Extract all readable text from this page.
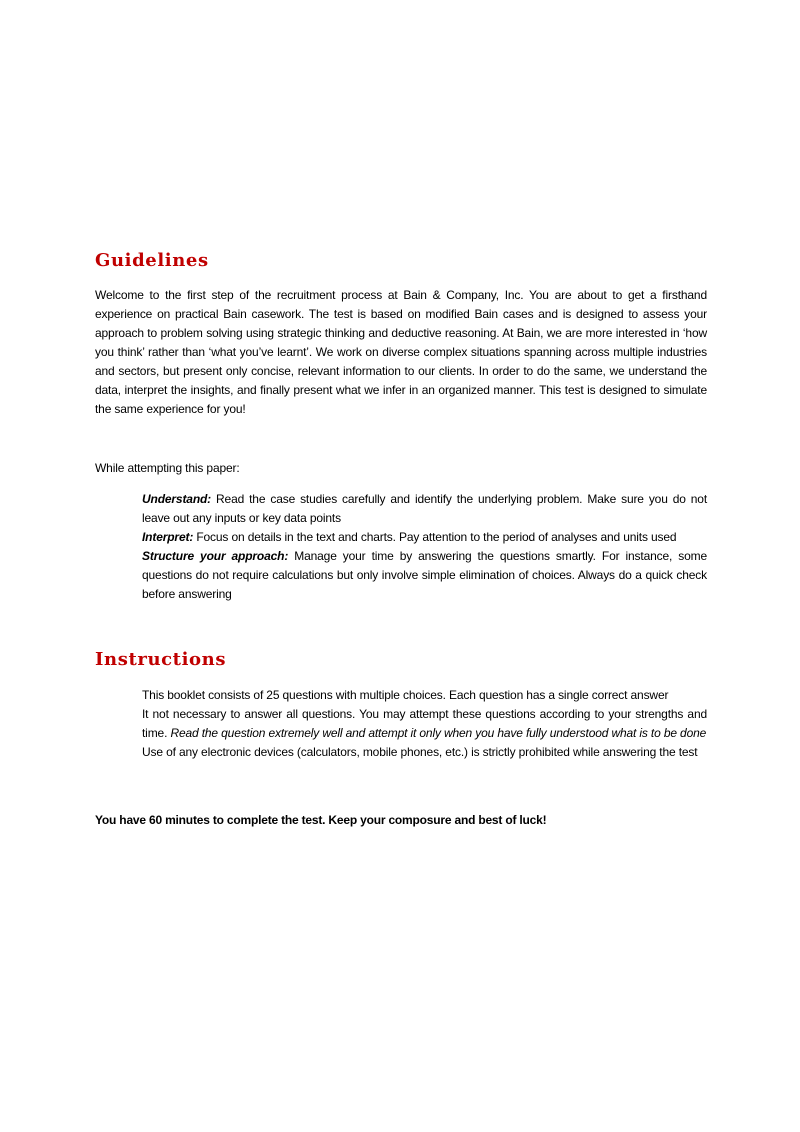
Guidelines

Welcome to the first step of the recruitment process at Bain & Company, Inc. You are about to get a firsthand experience on practical Bain casework. The test is based on modified Bain cases and is designed to assess your approach to problem solving using strategic thinking and deductive reasoning. At Bain, we are more interested in ‘how you think’ rather than ‘what you’ve learnt’. We work on diverse complex situations spanning across multiple industries and sectors, but present only concise, relevant information to our clients. In order to do the same, we understand the data, interpret the insights, and finally present what we infer in an organized manner. This test is designed to simulate the same experience for you!

While attempting this paper:

Understand: Read the case studies carefully and identify the underlying problem. Make sure you do not leave out any inputs or key data points
Interpret: Focus on details in the text and charts. Pay attention to the period of analyses and units used
Structure your approach: Manage your time by answering the questions smartly. For instance, some questions do not require calculations but only involve simple elimination of choices. Always do a quick check before answering
Instructions
This booklet consists of 25 questions with multiple choices. Each question has a single correct answer
It not necessary to answer all questions. You may attempt these questions according to your strengths and time. Read the question extremely well and attempt it only when you have fully understood what is to be done
Use of any electronic devices (calculators, mobile phones, etc.) is strictly prohibited while answering the test

You have 60 minutes to complete the test. Keep your composure and best of luck!
